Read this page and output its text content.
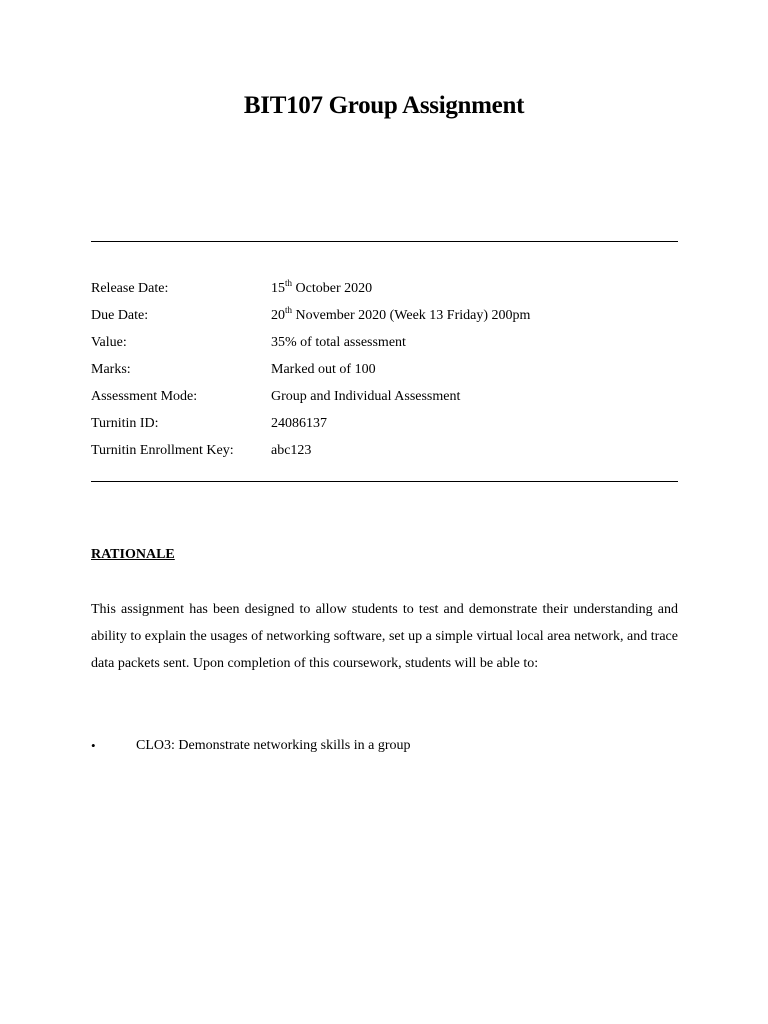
BIT107 Group Assignment
Release Date:	15th October 2020
Due Date:	20th November 2020 (Week 13 Friday) 200pm
Value:	35% of total assessment
Marks:	Marked out of 100
Assessment Mode:	Group and Individual Assessment
Turnitin ID:	24086137
Turnitin Enrollment Key:	abc123
RATIONALE
This assignment has been designed to allow students to test and demonstrate their understanding and ability to explain the usages of networking software, set up a simple virtual local area network, and trace data packets sent. Upon completion of this coursework, students will be able to:
•	CLO3: Demonstrate networking skills in a group
